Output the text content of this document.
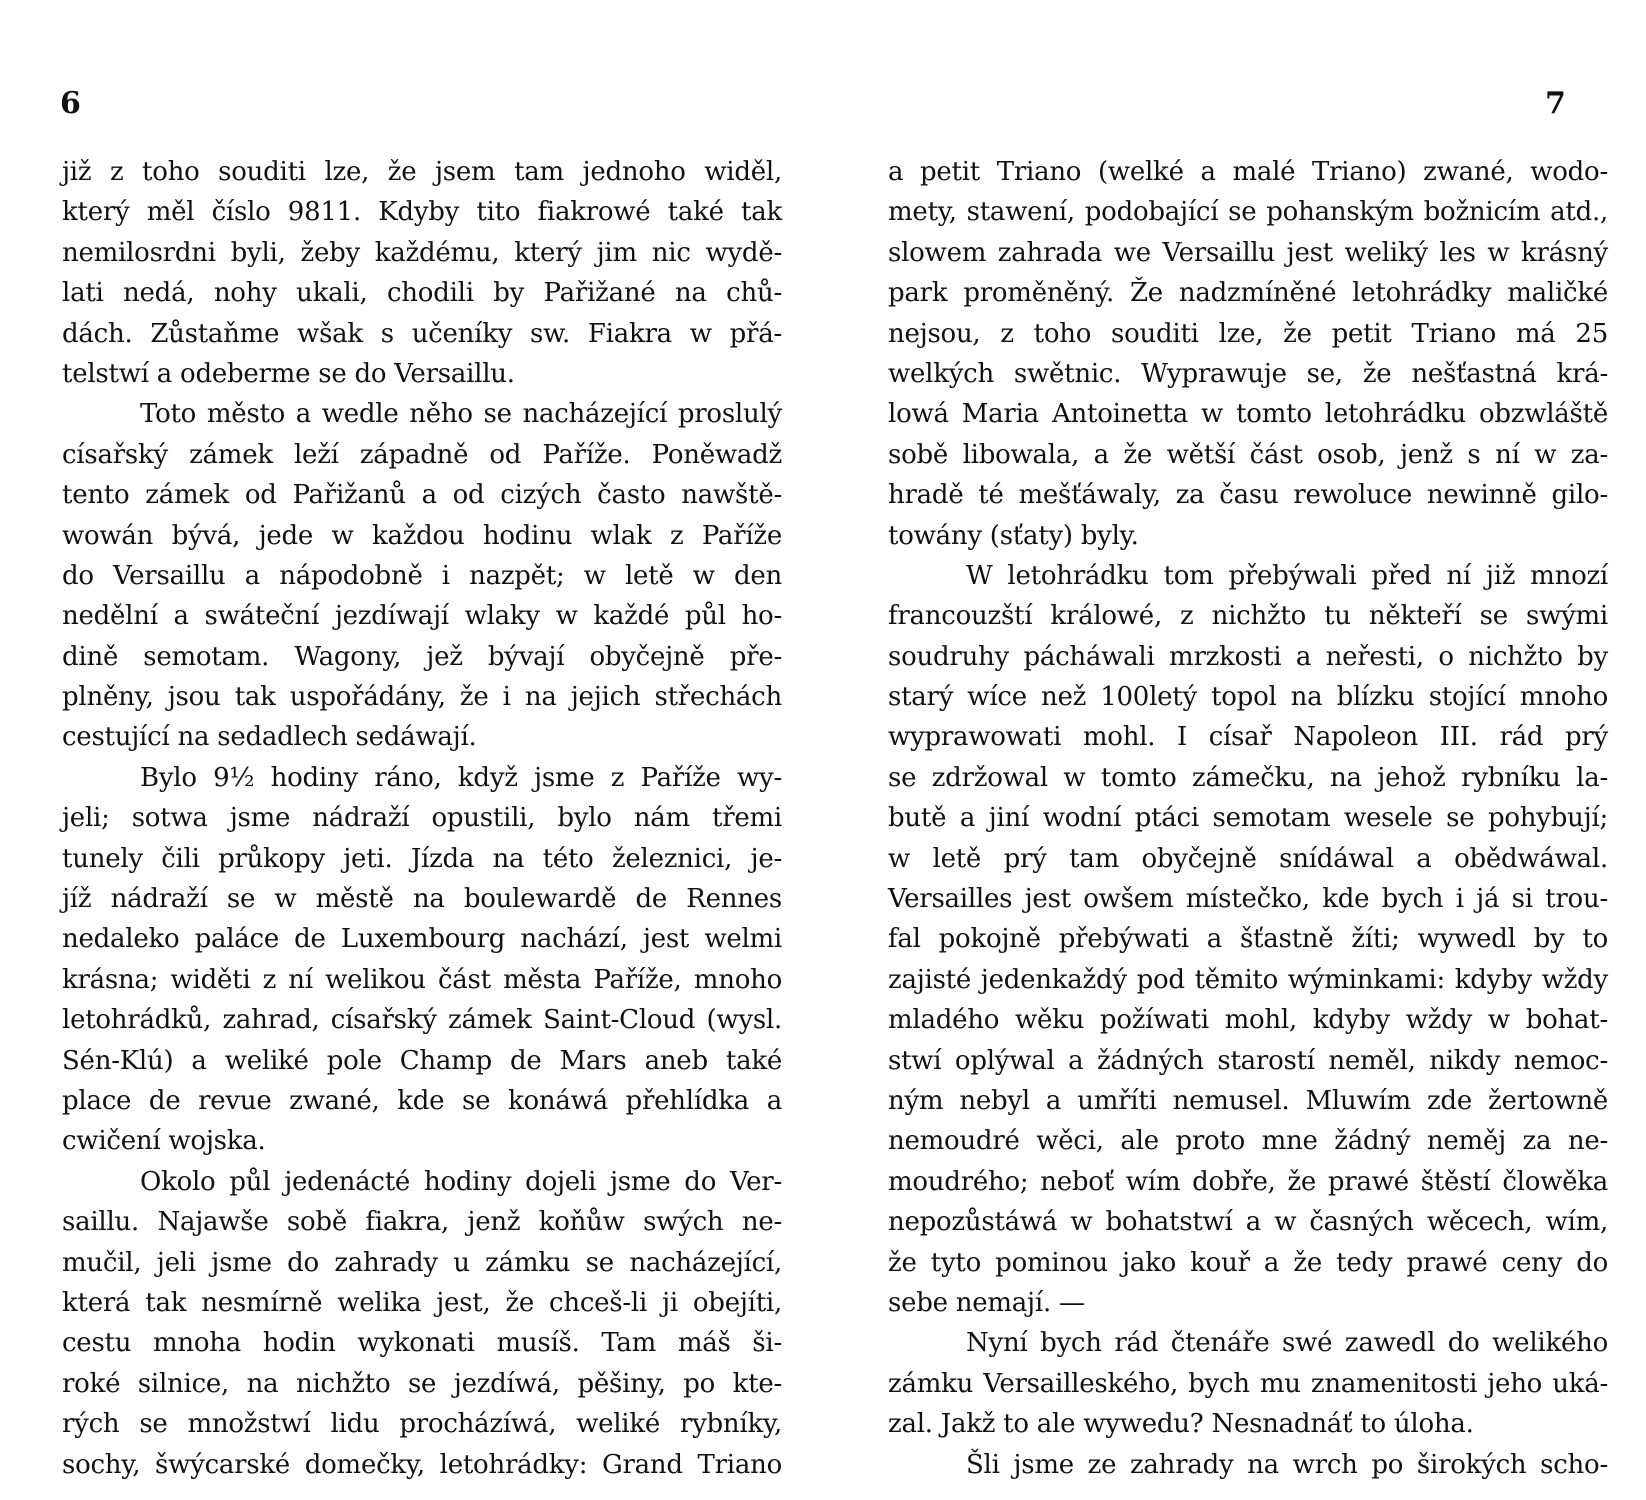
6	7
již z toho souditi lze, že jsem tam jednoho widěl,
který měl číslo 9811. Kdyby tito fiakrowé také tak
nemilosrdni byli, žeby každému, který jim nic wydě-
lati nedá, nohy ukali, chodili by Pařižané na chů-
dách. Zůstaňme wšak s učeníky sw. Fiakra w přá-
telstwí a odeberme se do Versaillu.
Toto město a wedle něho se nacházející proslulý
císařský zámek leží západně od Paříže. Poněwadž
tento zámek od Pařižanů a od cizých často nawště-
wowán bývá, jede w každou hodinu wlak z Paříže
do Versaillu a nápodobně i nazpět; w letě w den
nedělní a swáteční jezdíwají wlaky w každé půl ho-
dině semotam. Wagony, jež bývají obyčejně pře-
plněny, jsou tak uspořádány, že i na jejich střechách
cestující na sedadlech sedáwají.
Bylo 9½ hodiny ráno, když jsme z Paříže wy-
jeli; sotwa jsme nádraží opustili, bylo nám třemi
tunely čili průkopy jeti. Jízda na této železnici, je-
jíž nádraží se w městě na boulewardě de Rennes
nedaleko paláce de Luxembourg nachází, jest welmi
krásna; widěti z ní welikou část města Paříže, mnoho
letohrádků, zahrad, císařský zámek Saint-Cloud (wysl.
Sén-Klú) a weliké pole Champ de Mars aneb také
place de revue zwané, kde se konáwá přehlídka a
cwičení wojska.
Okolo půl jedenácté hodiny dojeli jsme do Ver-
saillu. Najawše sobě fiakra, jenž koňůw swých ne-
mučil, jeli jsme do zahrady u zámku se nacházející,
která tak nesmírně welika jest, že chceš-li ji obejíti,
cestu mnoha hodin wykonati musíš. Tam máš ši-
roké silnice, na nichžto se jezdíwá, pěšiny, po kte-
rých se množstwí lidu procházíwá, weliké rybníky,
sochy, šwýcarské domečky, letohrádky: Grand Triano
a petit Triano (welké a malé Triano) zwané, wodo-
mety, stawení, podobající se pohanským božnicím atd.,
slowem zahrada we Versaillu jest weliký les w krásný
park proměněný. Že nadzmíněné letohrádky maličké
nejsou, z toho souditi lze, že petit Triano má 25
welkých swětnic. Wyprawuje se, že nešťastná krá-
lowá Maria Antoinetta w tomto letohrádku obzwláště
sobě libowala, a že wětší část osob, jenž s ní w za-
hradě té mešťáwaly, za času rewoluce newinně gilo-
towány (sťaty) byly.
W letohrádku tom přebýwali před ní již mnozí
francouzští králowé, z nichžto tu někteří se swými
soudruhy pácháwali mrzkosti a neřesti, o nichžto by
starý wíce než 100letý topol na blízku stojící mnoho
wyprawowati mohl. I císař Napoleon III. rád prý
se zdržowal w tomto zámečku, na jehož rybníku la-
butě a jiní wodní ptáci semotam wesele se pohybují;
w letě prý tam obyčejně snídáwal a obědwáwal.
Versailles jest owšem místečko, kde bych i já si trou-
fal pokojně přebýwati a šťastně žíti; wywedl by to
zajisté jedenkaždý pod těmito wýminkami: kdyby wždy
mladého wěku požíwati mohl, kdyby wždy w bohat-
stwí oplýwal a žádných starostí neměl, nikdy nemoc-
ným nebyl a umříti nemusel. Mluwím zde žertowně
nemoudré wěci, ale proto mne žádný neměj za ne-
moudrého; neboť wím dobře, že prawé štěstí člowěka
nepozůstáwá w bohatstwí a w časných wěcech, wím,
že tyto pominou jako kouř a že tedy prawé ceny do
sebe nemají. —
Nyní bych rád čtenáře swé zawedl do welikého
zámku Versailleského, bych mu znamenitosti jeho uká-
zal. Jakž to ale wywedu? Nesnadnáť to úloha.
Šli jsme ze zahrady na wrch po širokých scho-
